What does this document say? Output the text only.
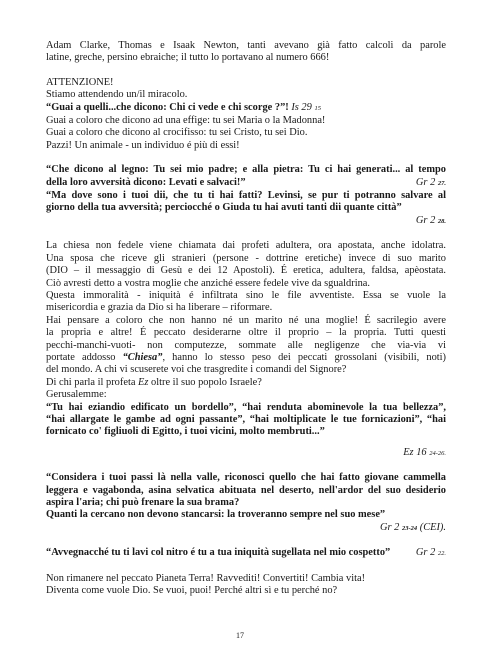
Adam Clarke, Thomas e Isaak Newton, tanti avevano già fatto calcoli da parole
latine, greche, persino ebraiche; il tutto lo portavano al numero 666!
ATTENZIONE!
Stiamo attendendo un/il miracolo.
“Guai a quelli...che dicono: Chi ci vede e chi scorge ?”! Is 29 15
Guai a coloro che dicono ad una effige: tu sei Maria o la Madonna!
Guai a coloro che dicono al crocifisso: tu sei Cristo, tu sei Dio.
Pazzi! Un animale - un individuo é più di essi!
“Che dicono al legno: Tu sei mio padre; e alla pietra: Tu ci hai generati... al tempo
della loro avversità dicono: Levati e salvaci!”	Gr 2 27.
“Ma dove sono i tuoi dii, che tu ti hai fatti? Levinsi, se pur ti potranno salvare al
giorno della tua avversità; perciocché o Giuda tu hai avuti tanti dii quante città”
Gr 2 28.
La chiesa non fedele viene chiamata dai profeti adultera, ora apostata, anche idolatra.
Una sposa che riceve gli stranieri (persone - dottrine eretiche) invece di suo marito
(DIO – il messaggio di Gesù e dei 12 Apostoli). É eretica, adultera, faldsa, apèostata.
Ciò avresti detto a vostra moglie che anziché essere fedele vive da sgualdrina.
Questa immoralità - iniquità é infiltrata sino le file avventiste. Essa se vuole la
misericordia e grazia da Dio si ha liberare – riformare.
Hai pensare a coloro che non hanno né un marito né una moglie! É sacrilegio avere
la propria e altre! É peccato desiderarne oltre il proprio – la propria. Tutti questi
pecchi-manchi-vuoti- non computezze, sommate alle negligenze che via-via vi
portate addosso “Chiesa”, hanno lo stesso peso dei peccati grossolani (visibili, noti)
del mondo. A chi vi scuserete voi che trasgredite i comandi del Signore?
Di chi parla il profeta Ez oltre il suo popolo Israele?
Gerusalemme:
“Tu hai eziandio edificato un bordello”, “hai renduta abominevole la tua bellezza”,
“hai allargate le gambe ad ogni passante”, “hai moltiplicate le tue fornicazioni”, “hai
fornicato co' figliuoli di Egitto, i tuoi vicini, molto membruti...”
Ez 16 24-26.
“Considera i tuoi passi là nella valle, riconosci quello che hai fatto giovane cammella
leggera e vagabonda, asina selvatica abituata nel deserto, nell'ardor del suo desiderio
aspira l'aria; chi può frenare la sua brama?
Quanti la cercano non devono stancarsi: la troveranno sempre nel suo mese”
Gr 2 23-24 (CEI).
“Avvegnacché tu ti lavi col nitro é tu a tua iniquità sugellata nel mio cospetto” Gr 2 22.
Non rimanere nel peccato Pianeta Terra! Ravvediti! Convertiti! Cambia vita!
Diventa come vuole Dio. Se vuoi, puoi! Perché altri sì e tu perché no?
17
